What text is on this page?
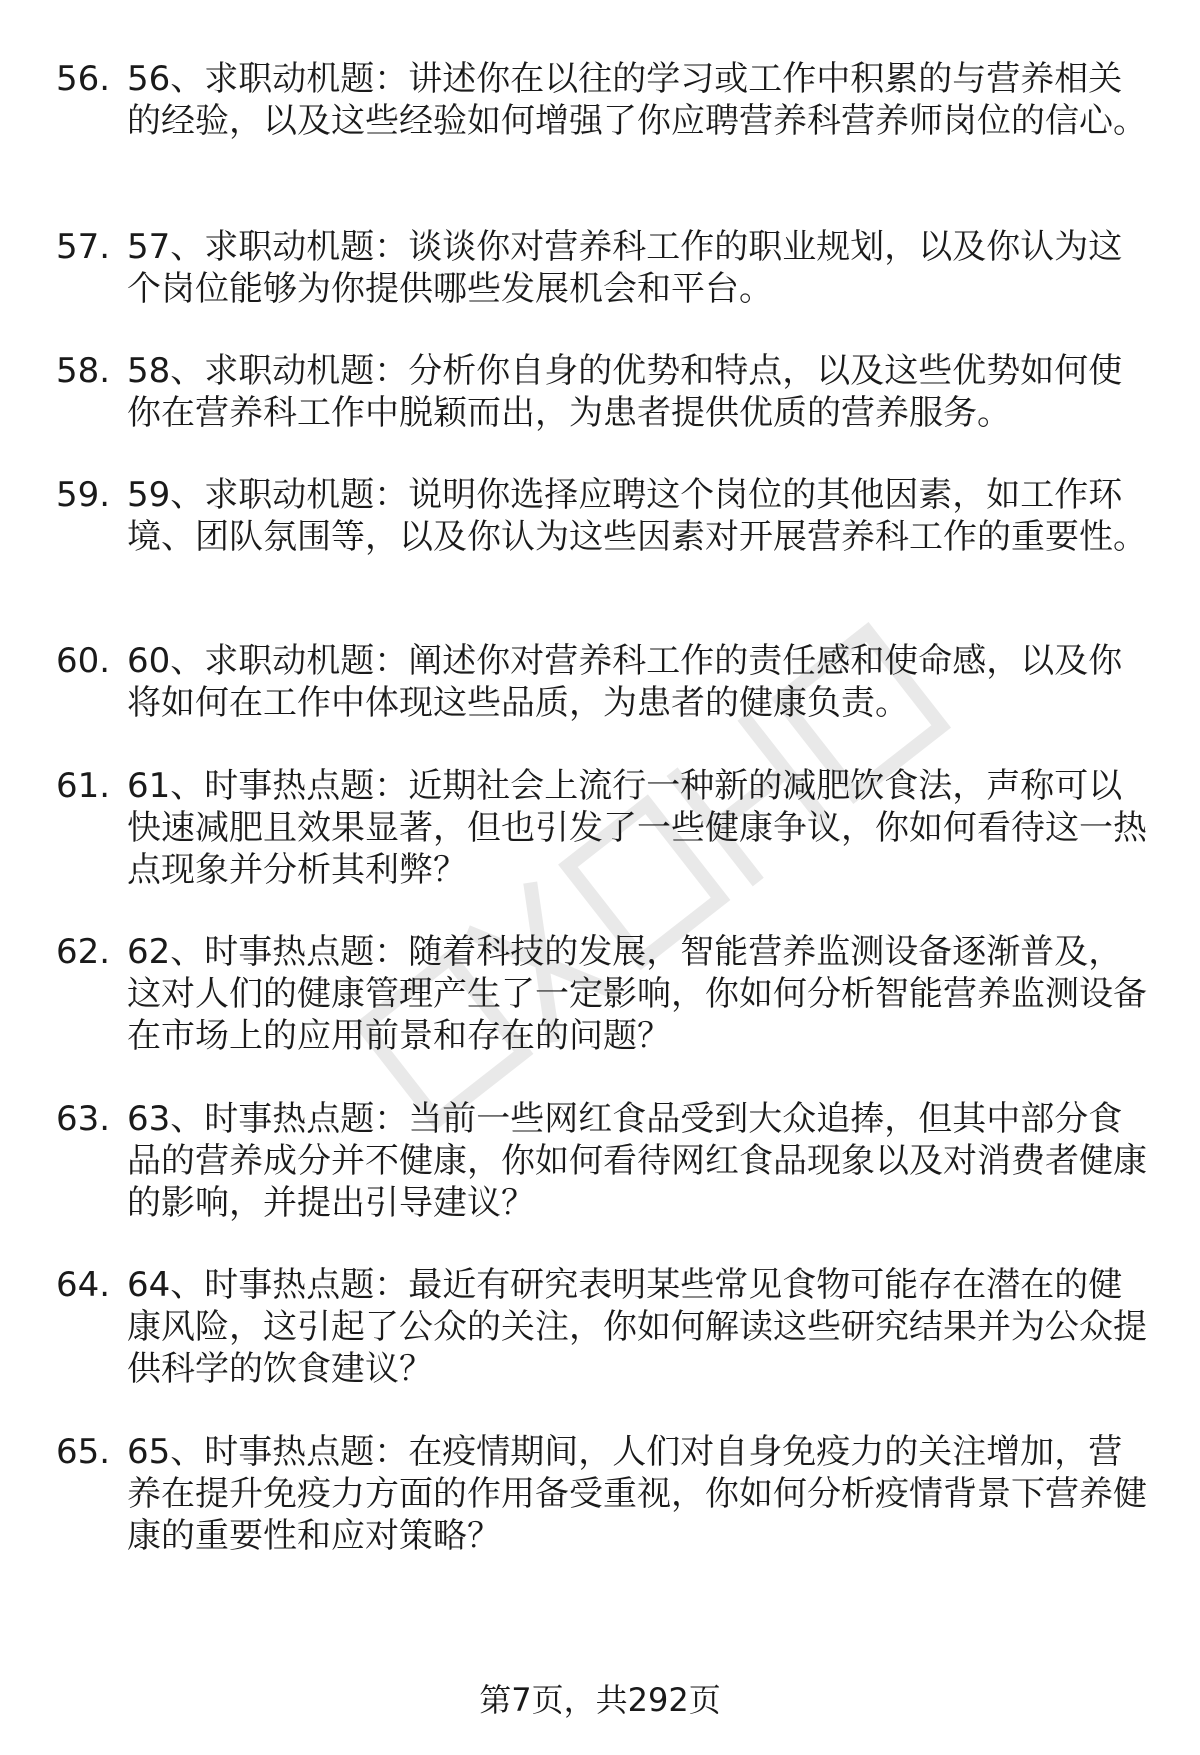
56. 56、求职动机题：讲述你在以往的学习或工作中积累的与营养相关的经验，以及这些经验如何增强了你应聘营养科营养师岗位的信心。
57. 57、求职动机题：谈谈你对营养科工作的职业规划，以及你认为这个岗位能够为你提供哪些发展机会和平台。
58. 58、求职动机题：分析你自身的优势和特点，以及这些优势如何使你在营养科工作中脱颖而出，为患者提供优质的营养服务。
59. 59、求职动机题：说明你选择应聘这个岗位的其他因素，如工作环境、团队氛围等，以及你认为这些因素对开展营养科工作的重要性。
60. 60、求职动机题：阐述你对营养科工作的责任感和使命感，以及你将如何在工作中体现这些品质，为患者的健康负责。
61. 61、时事热点题：近期社会上流行一种新的减肥饮食法，声称可以快速减肥且效果显著，但也引发了一些健康争议，你如何看待这一热点现象并分析其利弊？
62. 62、时事热点题：随着科技的发展，智能营养监测设备逐渐普及，这对人们的健康管理产生了一定影响，你如何分析智能营养监测设备在市场上的应用前景和存在的问题？
63. 63、时事热点题：当前一些网红食品受到大众追捧，但其中部分食品的营养成分并不健康，你如何看待网红食品现象以及对消费者健康的影响，并提出引导建议？
64. 64、时事热点题：最近有研究表明某些常见食物可能存在潜在的健康风险，这引起了公众的关注，你如何解读这些研究结果并为公众提供科学的饮食建议？
65. 65、时事热点题：在疫情期间，人们对自身免疫力的关注增加，营养在提升免疫力方面的作用备受重视，你如何分析疫情背景下营养健康的重要性和应对策略？
第7页，共292页
